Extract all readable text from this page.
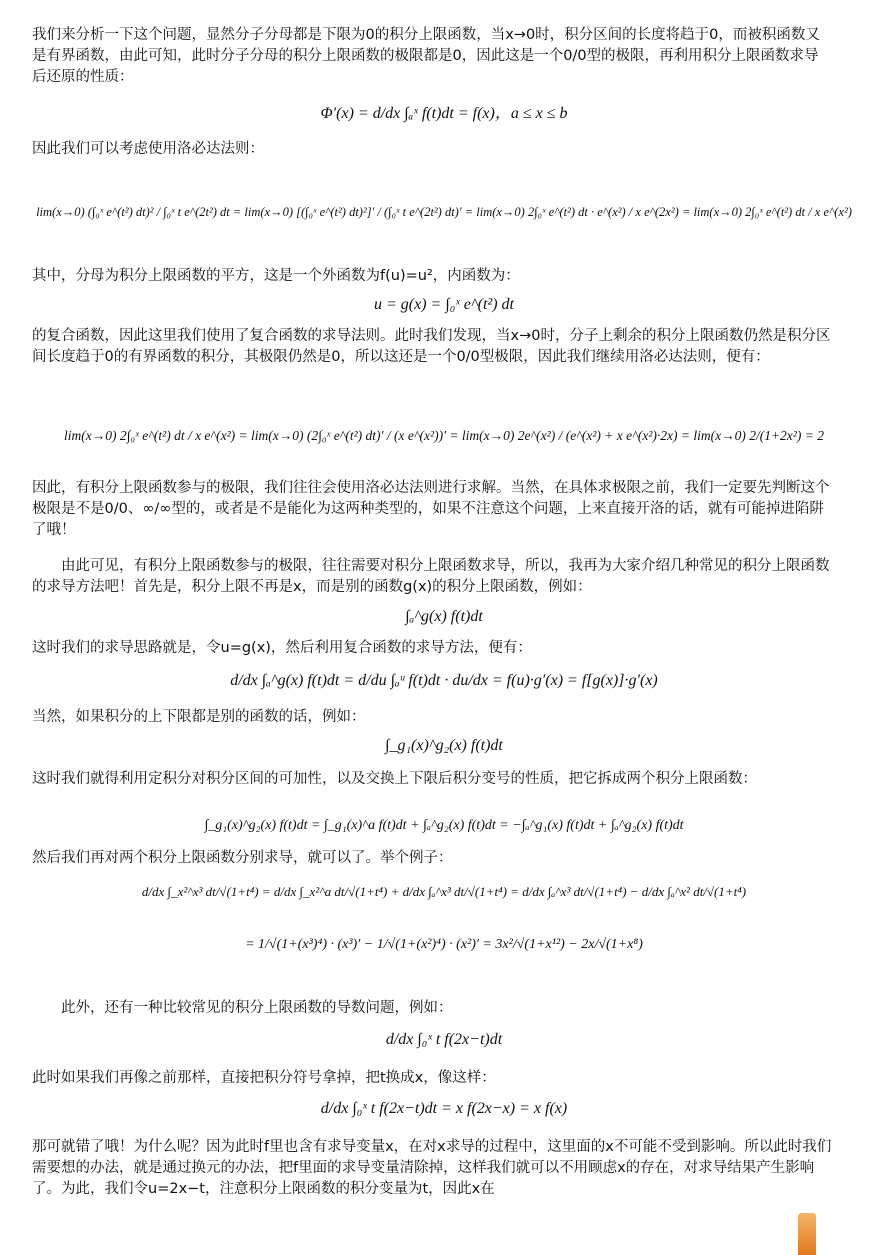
我们来分析一下这个问题，显然分子分母都是下限为0的积分上限函数，当x→0时，积分区间的长度将趋于0，而被积函数又是有界函数，由此可知，此时分子分母的积分上限函数的极限都是0，因此这是一个0/0型的极限，再利用积分上限函数求导后还原的性质：
Φ′(x) = d/dx ∫ₐˣ f(t)dt = f(x)，a ≤ x ≤ b
因此我们可以考虑使用洛必达法则：
lim(x→0) (∫₀ˣ e^(t²) dt)² / ∫₀ˣ t e^(2t²) dt = lim(x→0) [(∫₀ˣ e^(t²) dt)²]′ / (∫₀ˣ t e^(2t²) dt)′ = lim(x→0) 2∫₀ˣ e^(t²) dt · e^(x²) / x e^(2x²) = lim(x→0) 2∫₀ˣ e^(t²) dt / x e^(x²)
其中，分母为积分上限函数的平方，这是一个外函数为f(u)=u²，内函数为：
u = g(x) = ∫₀ˣ e^(t²) dt
的复合函数，因此这里我们使用了复合函数的求导法则。此时我们发现，当x→0时，分子上剩余的积分上限函数仍然是积分区间长度趋于0的有界函数的积分，其极限仍然是0，所以这还是一个0/0型极限，因此我们继续用洛必达法则，便有：
lim(x→0) 2∫₀ˣ e^(t²) dt / x e^(x²) = lim(x→0) (2∫₀ˣ e^(t²) dt)′ / (x e^(x²))′ = lim(x→0) 2e^(x²) / (e^(x²) + x e^(x²)·2x) = lim(x→0) 2/(1+2x²) = 2
因此，有积分上限函数参与的极限，我们往往会使用洛必达法则进行求解。当然，在具体求极限之前，我们一定要先判断这个极限是不是0/0、∞/∞型的，或者是不是能化为这两种类型的，如果不注意这个问题，上来直接开洛的话，就有可能掉进陷阱了哦！
由此可见，有积分上限函数参与的极限，往往需要对积分上限函数求导，所以，我再为大家介绍几种常见的积分上限函数的求导方法吧！首先是，积分上限不再是x，而是别的函数g(x)的积分上限函数，例如：
∫ₐ^g(x) f(t)dt
这时我们的求导思路就是，令u=g(x)，然后利用复合函数的求导方法，便有：
d/dx ∫ₐ^g(x) f(t)dt = d/du ∫ₐᵘ f(t)dt · du/dx = f(u)·g′(x) = f[g(x)]·g′(x)
当然，如果积分的上下限都是别的函数的话，例如：
∫_g₁(x)^g₂(x) f(t)dt
这时我们就得利用定积分对积分区间的可加性，以及交换上下限后积分变号的性质，把它拆成两个积分上限函数：
∫_g₁(x)^g₂(x) f(t)dt = ∫_g₁(x)^a f(t)dt + ∫ₐ^g₂(x) f(t)dt = −∫ₐ^g₁(x) f(t)dt + ∫ₐ^g₂(x) f(t)dt
然后我们再对两个积分上限函数分别求导，就可以了。举个例子：
d/dx ∫_x²^x³ dt/√(1+t⁴) = d/dx ∫_x²^a dt/√(1+t⁴) + d/dx ∫ₐ^x³ dt/√(1+t⁴) = d/dx ∫ₐ^x³ dt/√(1+t⁴) − d/dx ∫ₐ^x² dt/√(1+t⁴)
= 1/√(1+(x³)⁴) · (x³)′ − 1/√(1+(x²)⁴) · (x²)′ = 3x²/√(1+x¹²) − 2x/√(1+x⁸)
此外，还有一种比较常见的积分上限函数的导数问题，例如：
d/dx ∫₀ˣ t f(2x−t)dt
此时如果我们再像之前那样，直接把积分符号拿掉，把t换成x，像这样：
d/dx ∫₀ˣ t f(2x−t)dt = x f(2x−x) = x f(x)
那可就错了哦！为什么呢？因为此时f里也含有求导变量x，在对x求导的过程中，这里面的x不可能不受到影响。所以此时我们需要想的办法，就是通过换元的办法，把f里面的求导变量清除掉，这样我们就可以不用顾虑x的存在，对求导结果产生影响了。为此，我们令u=2x−t，注意积分上限函数的积分变量为t，因此x在
